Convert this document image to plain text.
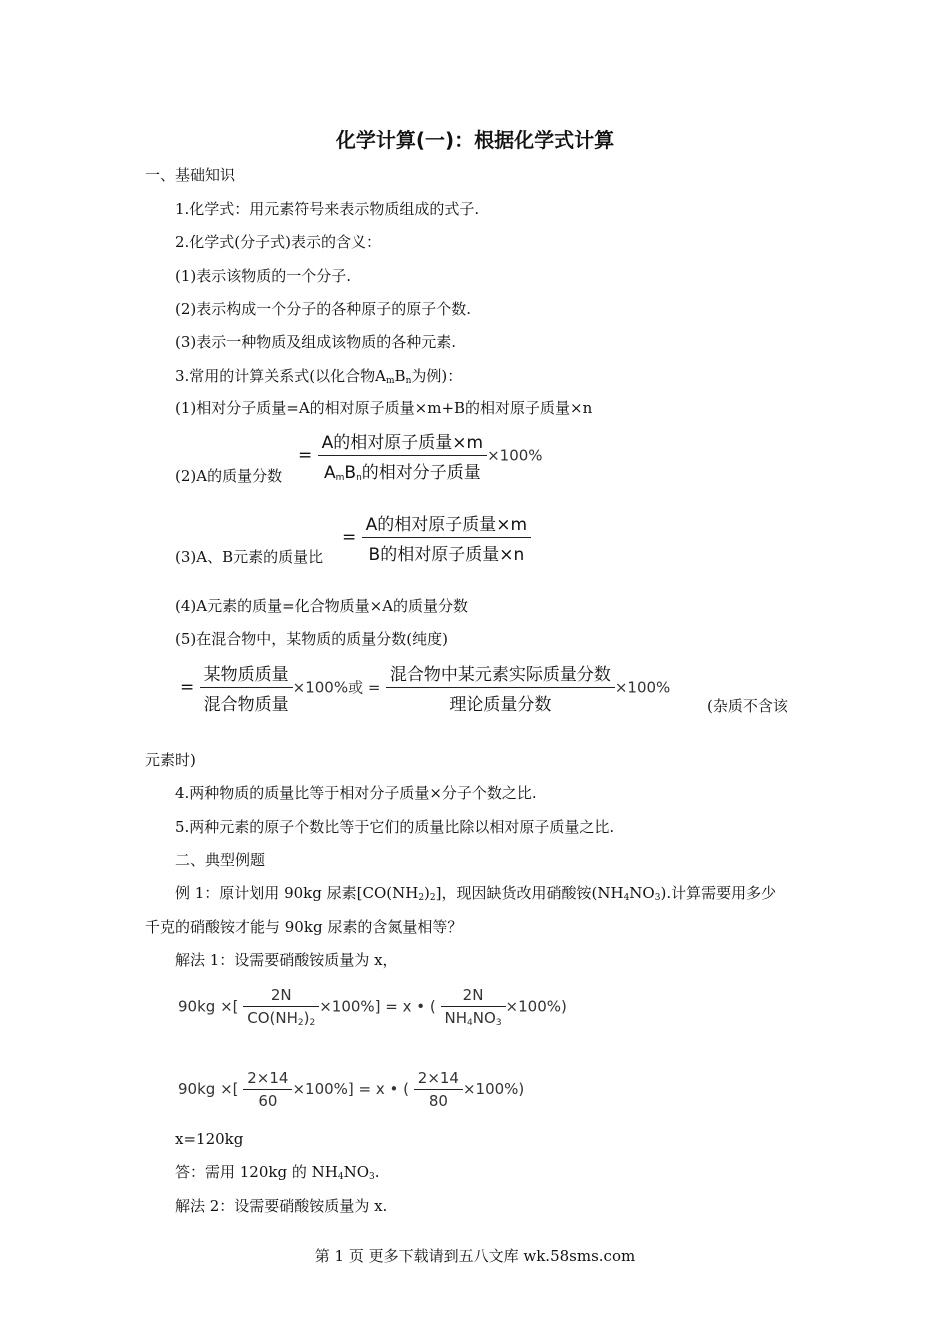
化学计算(一)：根据化学式计算
一、基础知识
1.化学式：用元素符号来表示物质组成的式子.
2.化学式(分子式)表示的含义：
(1)表示该物质的一个分子.
(2)表示构成一个分子的各种原子的原子个数.
(3)表示一种物质及组成该物质的各种元素.
3.常用的计算关系式(以化合物$A_mB_n$为例)：
(1)相对分子质量=A的相对原子质量×m+B的相对原子质量×n
(2)A的质量分数
= $\frac{\text{A的相对原子质量×m}}{A_mB_n的相对分子质量} \times 100\%$
(3)A、B元素的质量比
= $\frac{\text{A的相对原子质量×m}}{\text{B的相对原子质量×n}}$
(4)A元素的质量=化合物质量×A的质量分数
(5)在混合物中，某物质的质量分数(纯度)
= $\frac{\text{某物质质量}}{\text{混合物质量}} \times 100\%$或 = $\frac{\text{混合物中某元素实际质量分数}}{\text{理论质量分数}} \times 100\%$
(杂质不含该
元素时)
4.两种物质的质量比等于相对分子质量×分子个数之比.
5.两种元素的原子个数比等于它们的质量比除以相对原子质量之比.
二、典型例题
例 1：原计划用 90kg 尿素$[CO(NH_2)_2]$，现因缺货改用硝酸铵$(NH_4NO_3)$.计算需要用多少
千克的硝酸铵才能与 90kg 尿素的含氮量相等？
解法 1：设需要硝酸铵质量为 x，
90kg ×[ $\frac{2N}{CO(NH_2)_2} \times 100\%] = x$ • ( $\frac{2N}{NH_4NO_3} \times 100\%$)
90kg ×[ $\frac{2\times 14}{60} \times 100\%] = x$ • ( $\frac{2\times 14}{80} \times 100\%$)
x=120kg
答：需用 120kg 的 $NH_4NO_3$.
解法 2：设需要硝酸铵质量为 x.
第 1 页 更多下载请到五八文库 wk.58sms.com
